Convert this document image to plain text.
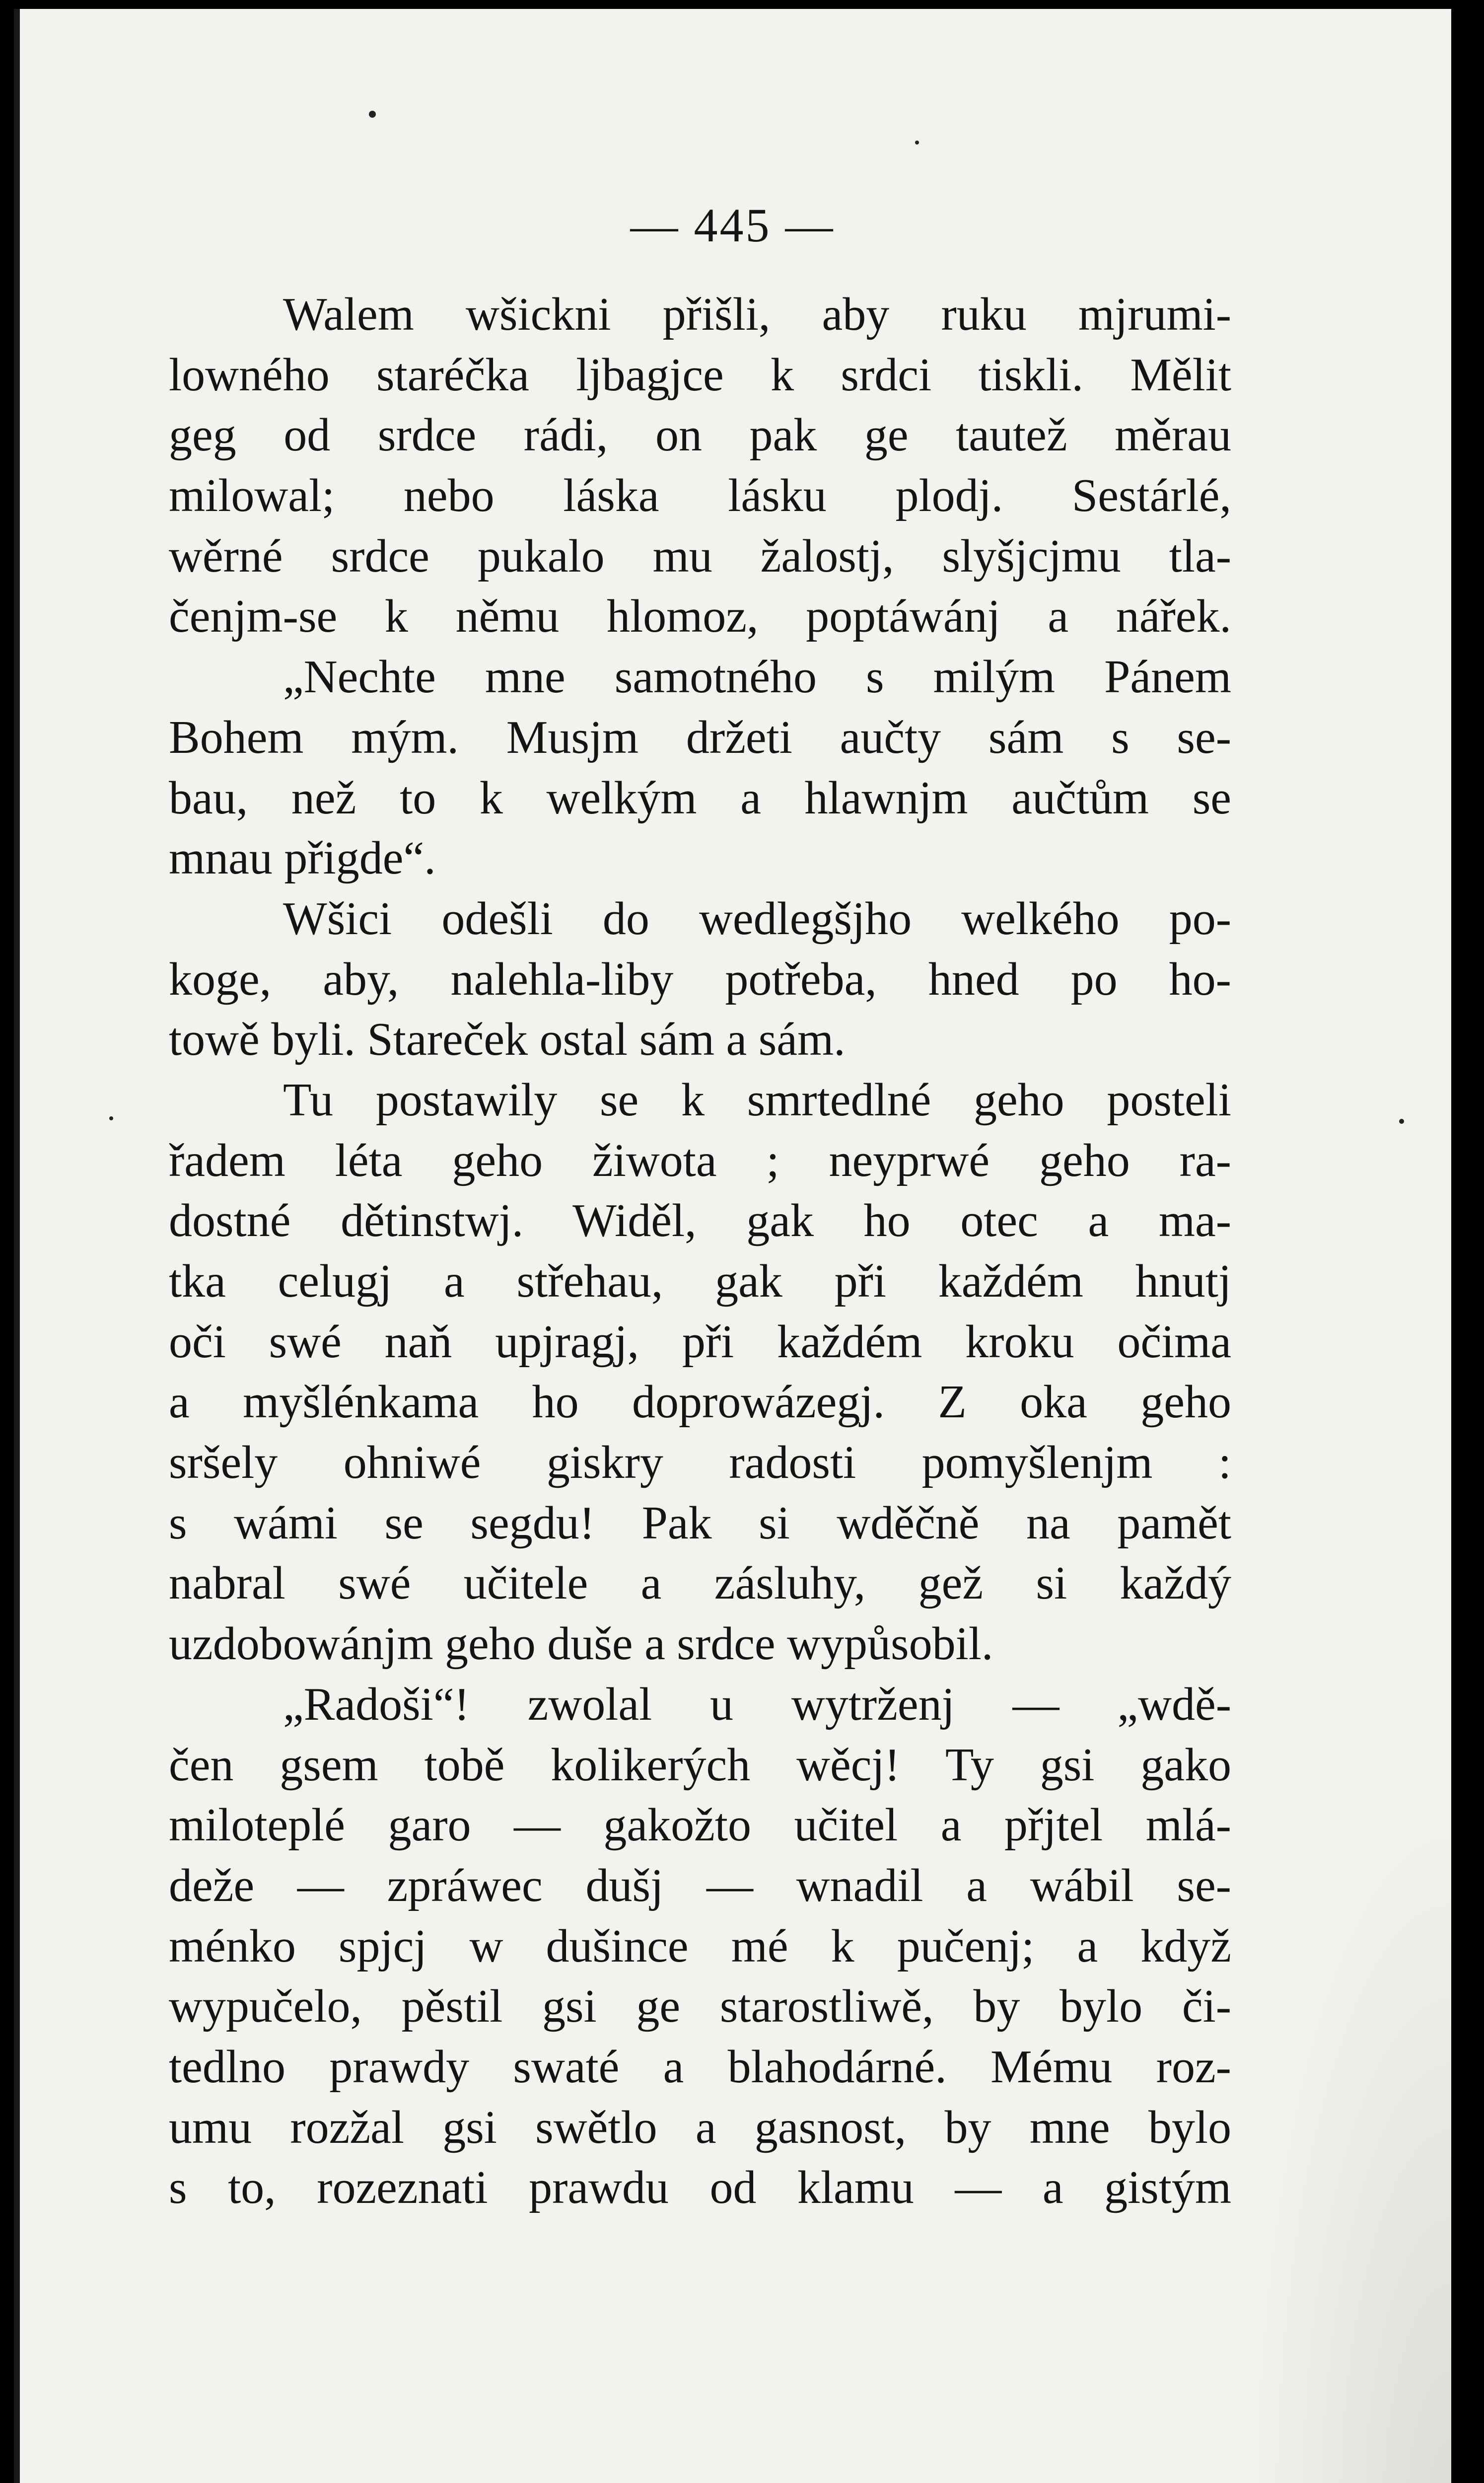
— 445 —
Walem wšickni přišli, aby ruku mjrumi-
lowného staréčka ljbagjce k srdci tiskli. Mělit
geg od srdce rádi, on pak ge tautež měrau
milowal; nebo láska lásku plodj. Sestárlé,
wěrné srdce pukalo mu žalostj, slyšjcjmu tla-
čenjm-se k němu hlomoz, poptáwánj a nářek.
„Nechte mne samotného s milým Pánem
Bohem mým. Musjm držeti aučty sám s se-
bau, než to k welkým a hlawnjm aučtům se
mnau přigde“.
Wšici odešli do wedlegšjho welkého po-
koge, aby, nalehla-liby potřeba, hned po ho-
towě byli. Stareček ostal sám a sám.
Tu postawily se k smrtedlné geho posteli
řadem léta geho žiwota ; neyprwé geho ra-
dostné dětinstwj. Widěl, gak ho otec a ma-
tka celugj a střehau, gak při každém hnutj
oči swé naň upjragj, při každém kroku očima
a myšlénkama ho doprowázegj. Z oka geho
sršely ohniwé giskry radosti pomyšlenjm :
s wámi se segdu! Pak si wděčně na pamět
nabral swé učitele a zásluhy, gež si každý
uzdobowánjm geho duše a srdce wypůsobil.
„Radoši“! zwolal u wytrženj — „wdě-
čen gsem tobě kolikerých wěcj! Ty gsi gako
miloteplé garo — gakožto učitel a přjtel mlá-
deže — zpráwec dušj — wnadil a wábil se-
ménko spjcj w dušince mé k pučenj; a když
wypučelo, pěstil gsi ge starostliwě, by bylo či-
tedlno prawdy swaté a blahodárné. Mému roz-
umu rozžal gsi swětlo a gasnost, by mne bylo
s to, rozeznati prawdu od klamu — a gistým
